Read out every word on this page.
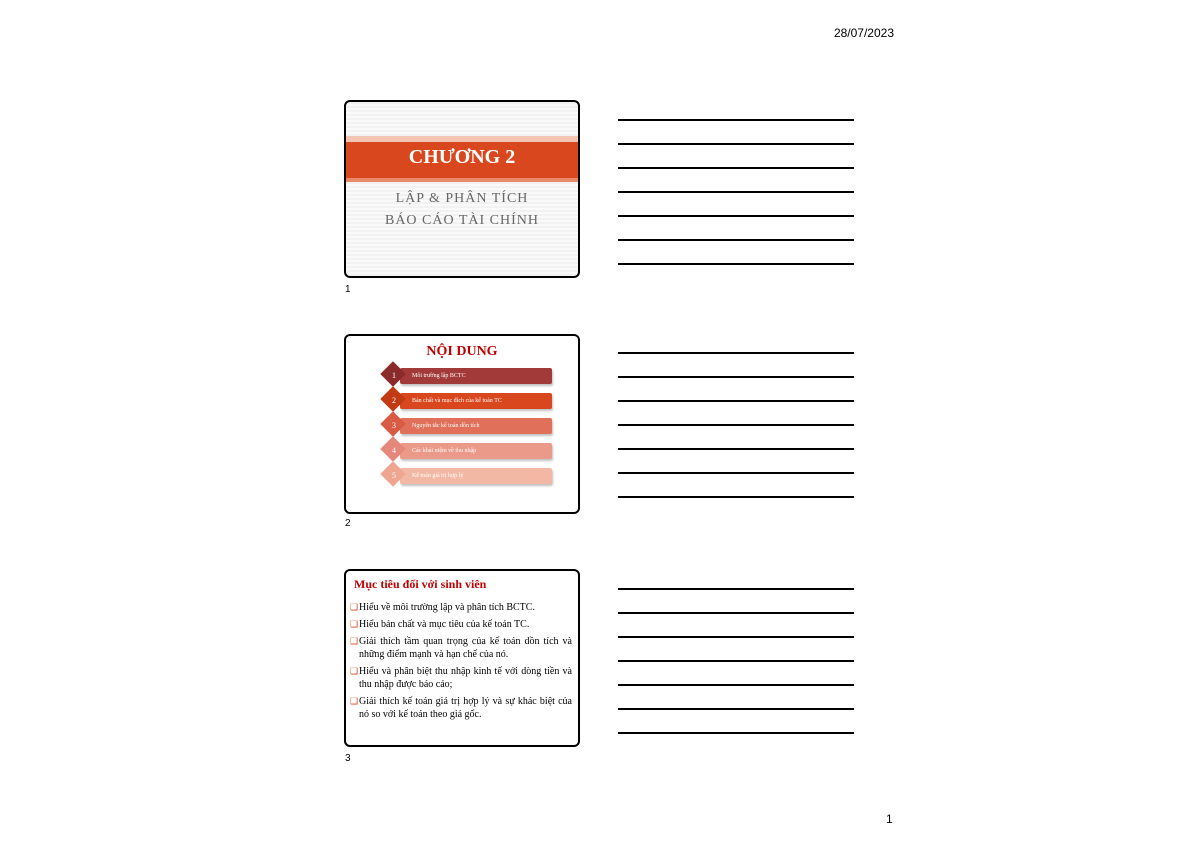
28/07/2023
CHƯƠNG 2
LẬP & PHÂN TÍCH
BÁO CÁO TÀI CHÍNH
1
NỘI DUNG
1	Môi trường lập BCTC
2	Bản chất và mục đích của kế toán TC
3	Nguyên tắc kế toán dồn tích
4	Các khái niệm về thu nhập
5	Kế toán giá trị hợp lý
2
Mục tiêu đối với sinh viên
❑ Hiểu về môi trường lập và phân tích BCTC.
❑ Hiểu bản chất và mục tiêu của kế toán TC.
❑ Giải thích tầm quan trọng của kế toán dồn tích và những điểm mạnh và hạn chế của nó.
❑ Hiểu và phân biệt thu nhập kinh tế với dòng tiền và thu nhập được báo cáo;
❑ Giải thích kế toán giá trị hợp lý và sự khác biệt của nó so với kế toán theo giá gốc.
3
1
